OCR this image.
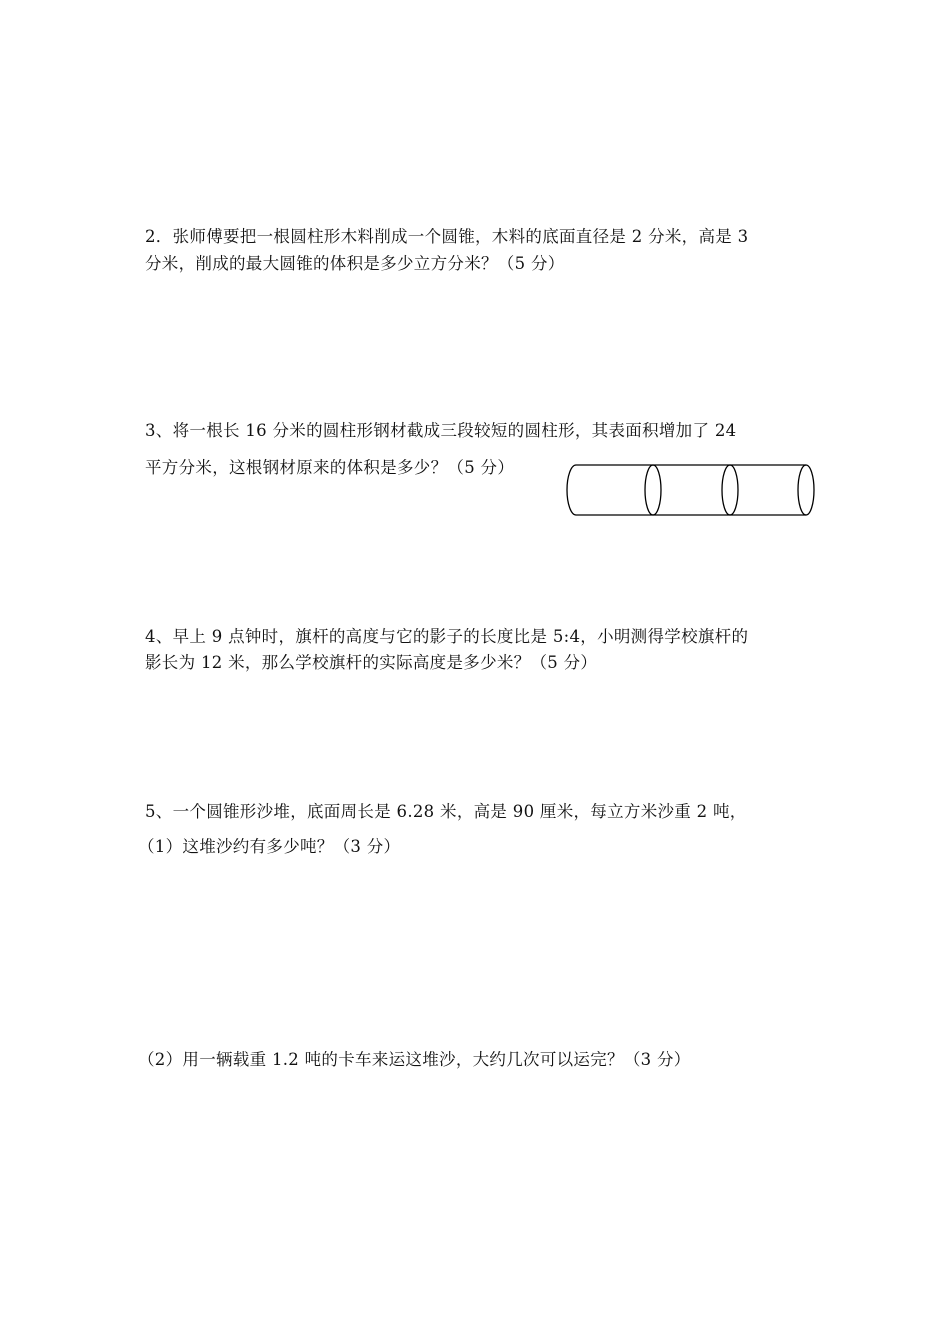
2．张师傅要把一根圆柱形木料削成一个圆锥，木料的底面直径是 2 分米，高是 3
分米，削成的最大圆锥的体积是多少立方分米？（5 分）
3、将一根长 16 分米的圆柱形钢材截成三段较短的圆柱形，其表面积增加了 24
平方分米，这根钢材原来的体积是多少？（5 分）
4、早上 9 点钟时，旗杆的高度与它的影子的长度比是 5:4，小明测得学校旗杆的
影长为 12 米，那么学校旗杆的实际高度是多少米？（5 分）
5、一个圆锥形沙堆，底面周长是 6.28 米，高是 90 厘米，每立方米沙重 2 吨，
（1）这堆沙约有多少吨？（3 分）
（2）用一辆载重 1.2 吨的卡车来运这堆沙，大约几次可以运完？（3 分）
